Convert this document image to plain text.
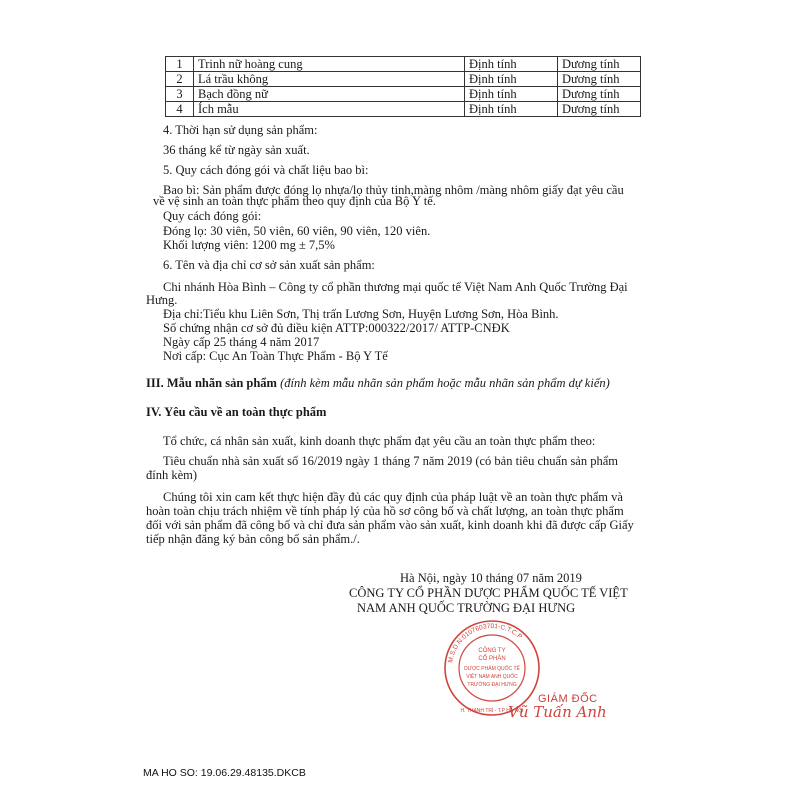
1	Trinh nữ hoàng cung	Định tính	Dương tính
2	Lá trầu không	Định tính	Dương tính
3	Bạch đồng nữ	Định tính	Dương tính
4	Ích mẫu	Định tính	Dương tính
4. Thời hạn sử dụng sản phẩm:
36 tháng kể từ ngày sản xuất.
5. Quy cách đóng gói và chất liệu bao bì:
Bao bì: Sản phẩm được đóng lọ nhựa/lọ thủy tinh,màng nhôm /màng nhôm giấy đạt yêu cầu
về vệ sinh an toàn thực phẩm theo quy định của Bộ Y tế.
Quy cách đóng gói:
Đóng lọ: 30 viên, 50 viên, 60 viên, 90 viên, 120 viên.
Khối lượng viên: 1200 mg ± 7,5%
6. Tên và địa chỉ cơ sở sản xuất sản phẩm:
Chi nhánh Hòa Bình – Công ty cổ phần thương mại quốc tế Việt Nam Anh Quốc Trường Đại
Hưng.
Địa chỉ:Tiểu khu Liên Sơn, Thị trấn Lương Sơn, Huyện Lương Sơn, Hòa Bình.
Số chứng nhận cơ sở đủ điều kiện ATTP:000322/2017/ ATTP-CNĐK
Ngày cấp 25 tháng 4 năm 2017
Nơi cấp: Cục An Toàn Thực Phẩm - Bộ Y Tế
III. Mẫu nhãn sản phẩm (đính kèm mẫu nhãn sản phẩm hoặc mẫu nhãn sản phẩm dự kiến)
IV. Yêu cầu về an toàn thực phẩm
Tổ chức, cá nhân sản xuất, kinh doanh thực phẩm đạt yêu cầu an toàn thực phẩm theo:
Tiêu chuẩn nhà sản xuất số 16/2019 ngày 1 tháng 7 năm 2019 (có bản tiêu chuẩn sản phẩm
đính kèm)
Chúng tôi xin cam kết thực hiện đầy đủ các quy định của pháp luật về an toàn thực phẩm và
hoàn toàn chịu trách nhiệm về tính pháp lý của hồ sơ công bố và chất lượng, an toàn thực phẩm
đối với sản phẩm đã công bố và chỉ đưa sản phẩm vào sản xuất, kinh doanh khi đã được cấp Giấy
tiếp nhận đăng ký bản công bố sản phẩm./.
Hà Nội, ngày 10 tháng 07 năm 2019
CÔNG TY CỔ PHẦN DƯỢC PHẨM QUỐC TẾ VIỆT
NAM ANH QUỐC TRƯỜNG ĐẠI HƯNG
M.S.D.N:0107603701-C.T.C.P
H. THANH TRÌ - T.P HÀ NỘI
CÔNG TY
CỔ PHẦN
DƯỢC PHẨM QUỐC TẾ
VIỆT NAM ANH QUỐC
TRƯỜNG ĐẠI HƯNG
GIÁM ĐỐC
Vũ Tuấn Anh
MA HO SO: 19.06.29.48135.DKCB
